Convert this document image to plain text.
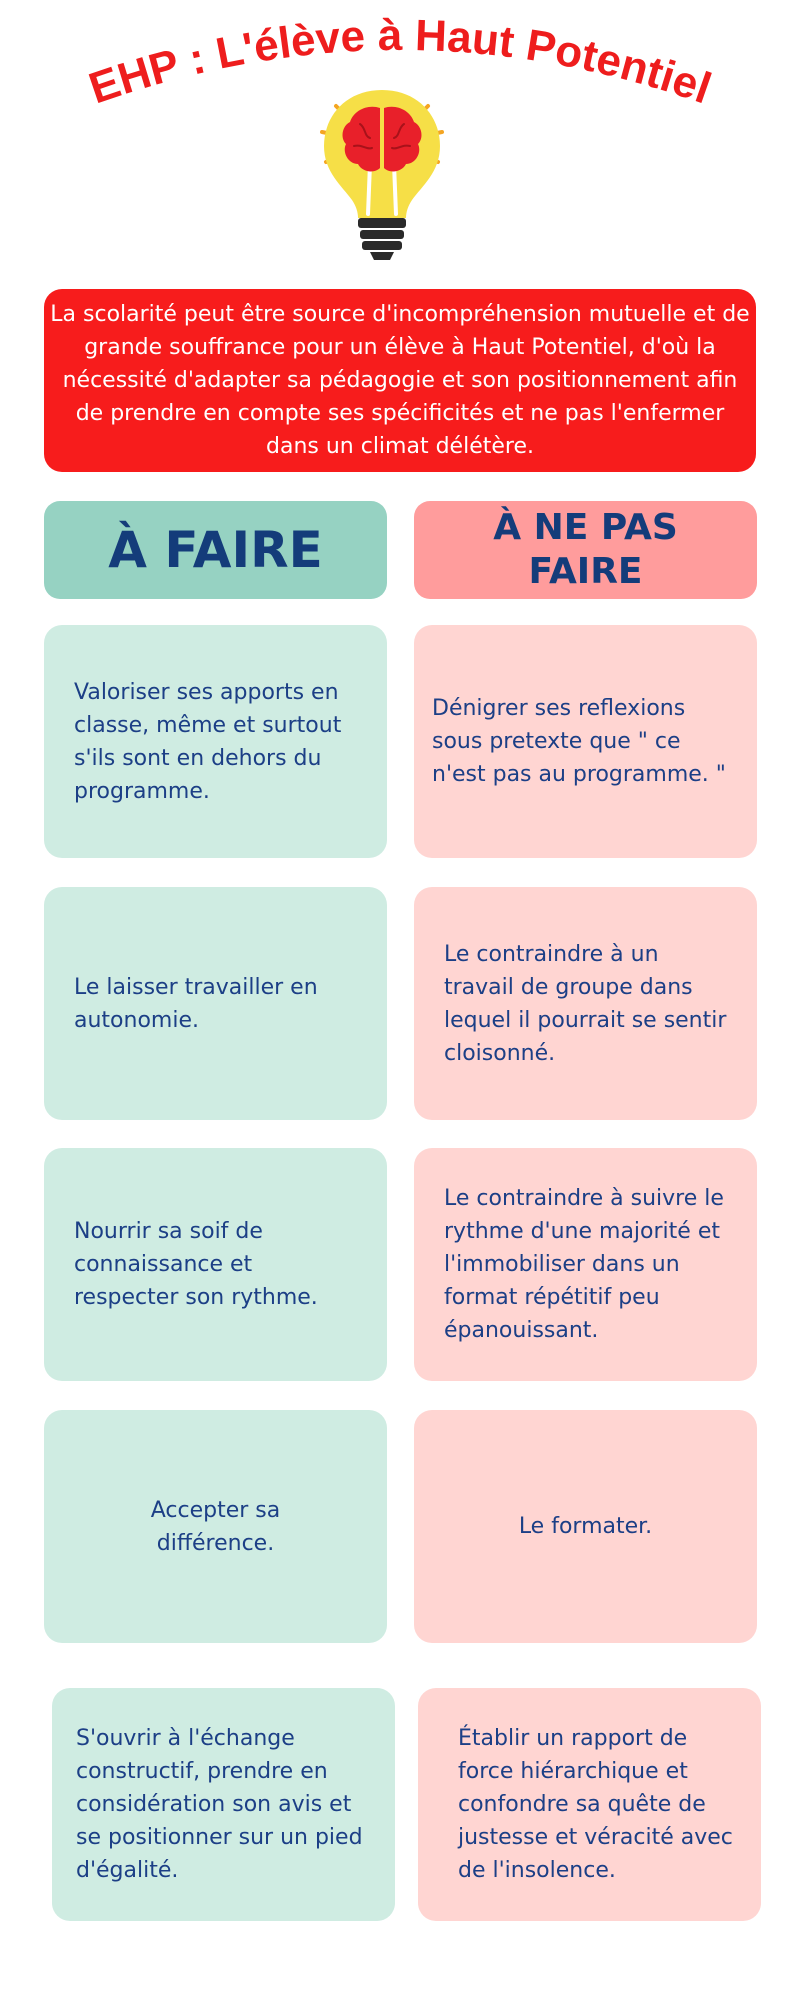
EHP : L'élève à Haut Potentiel
La scolarité peut être source d'incompréhension mutuelle et de grande souffrance pour un élève à Haut Potentiel, d'où la nécessité d'adapter sa pédagogie et son positionnement afin de prendre en compte ses spécificités et ne pas l'enfermer dans un climat délétère.
À FAIRE	À NE PAS FAIRE
Valoriser ses apports en classe, même et surtout s'ils sont en dehors du programme.
Dénigrer ses reflexions sous pretexte que " ce n'est pas au programme. "
Le laisser travailler en autonomie.
Le contraindre à un travail de groupe dans lequel il pourrait se sentir cloisonné.
Nourrir sa soif de connaissance et respecter son rythme.
Le contraindre à suivre le rythme d'une majorité et l'immobiliser dans un format répétitif peu épanouissant.
Accepter sa différence.
Le formater.
S'ouvrir à l'échange constructif, prendre en considération son avis et se positionner sur un pied d'égalité.
Établir un rapport de force hiérarchique et confondre sa quête de justesse et véracité avec de l'insolence.
